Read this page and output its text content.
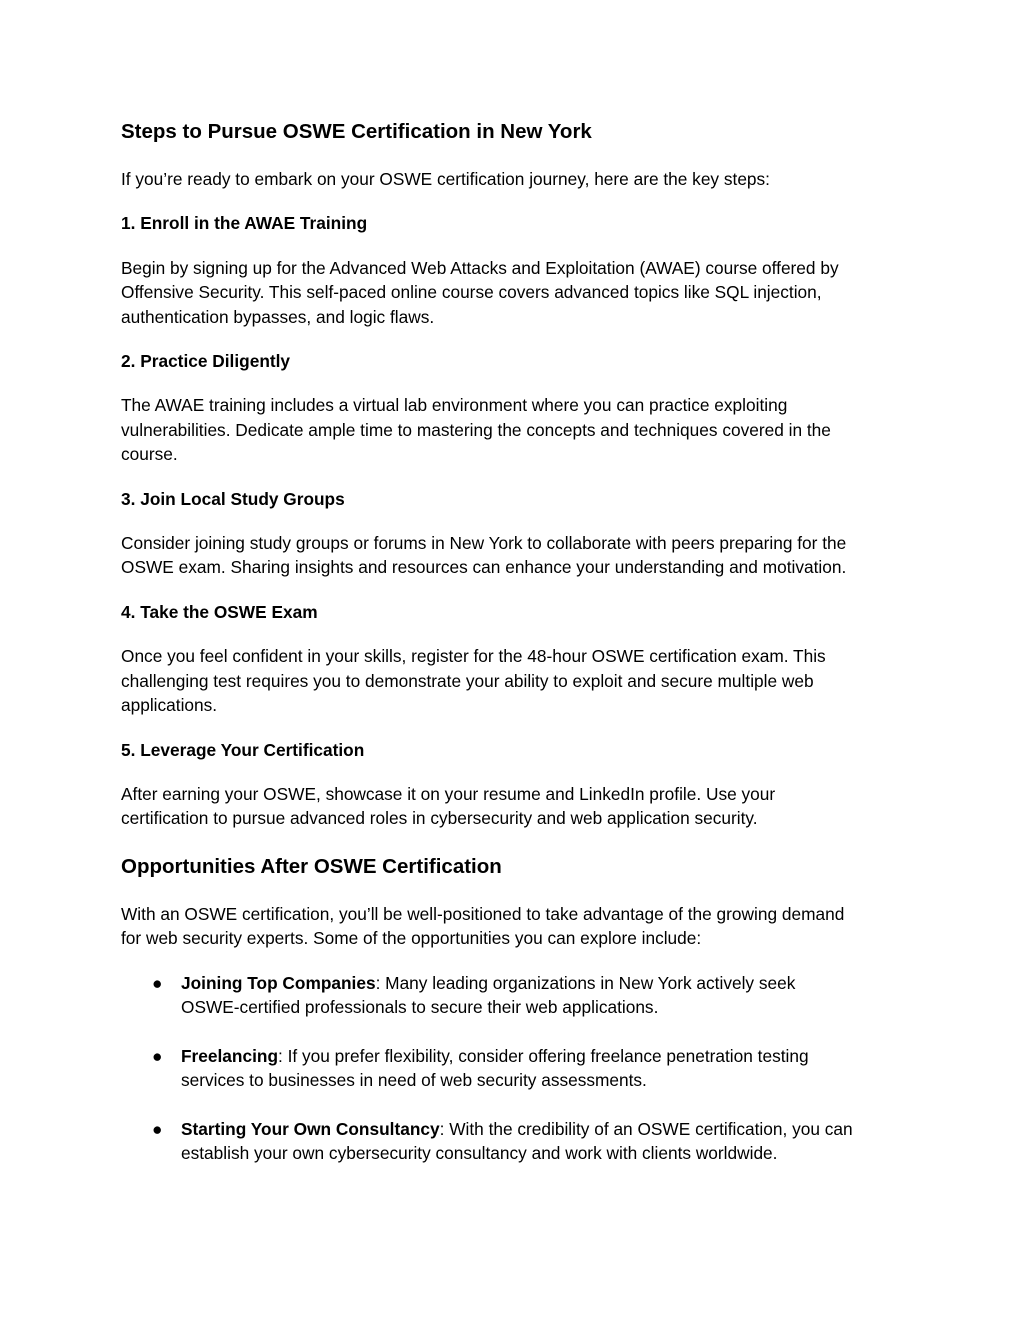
Steps to Pursue OSWE Certification in New York
If you’re ready to embark on your OSWE certification journey, here are the key steps:
1. Enroll in the AWAE Training
Begin by signing up for the Advanced Web Attacks and Exploitation (AWAE) course offered by
Offensive Security. This self-paced online course covers advanced topics like SQL injection,
authentication bypasses, and logic flaws.
2. Practice Diligently
The AWAE training includes a virtual lab environment where you can practice exploiting
vulnerabilities. Dedicate ample time to mastering the concepts and techniques covered in the
course.
3. Join Local Study Groups
Consider joining study groups or forums in New York to collaborate with peers preparing for the
OSWE exam. Sharing insights and resources can enhance your understanding and motivation.
4. Take the OSWE Exam
Once you feel confident in your skills, register for the 48-hour OSWE certification exam. This
challenging test requires you to demonstrate your ability to exploit and secure multiple web
applications.
5. Leverage Your Certification
After earning your OSWE, showcase it on your resume and LinkedIn profile. Use your
certification to pursue advanced roles in cybersecurity and web application security.
Opportunities After OSWE Certification
With an OSWE certification, you’ll be well-positioned to take advantage of the growing demand
for web security experts. Some of the opportunities you can explore include:
● Joining Top Companies: Many leading organizations in New York actively seek
OSWE-certified professionals to secure their web applications.
● Freelancing: If you prefer flexibility, consider offering freelance penetration testing
services to businesses in need of web security assessments.
● Starting Your Own Consultancy: With the credibility of an OSWE certification, you can
establish your own cybersecurity consultancy and work with clients worldwide.
